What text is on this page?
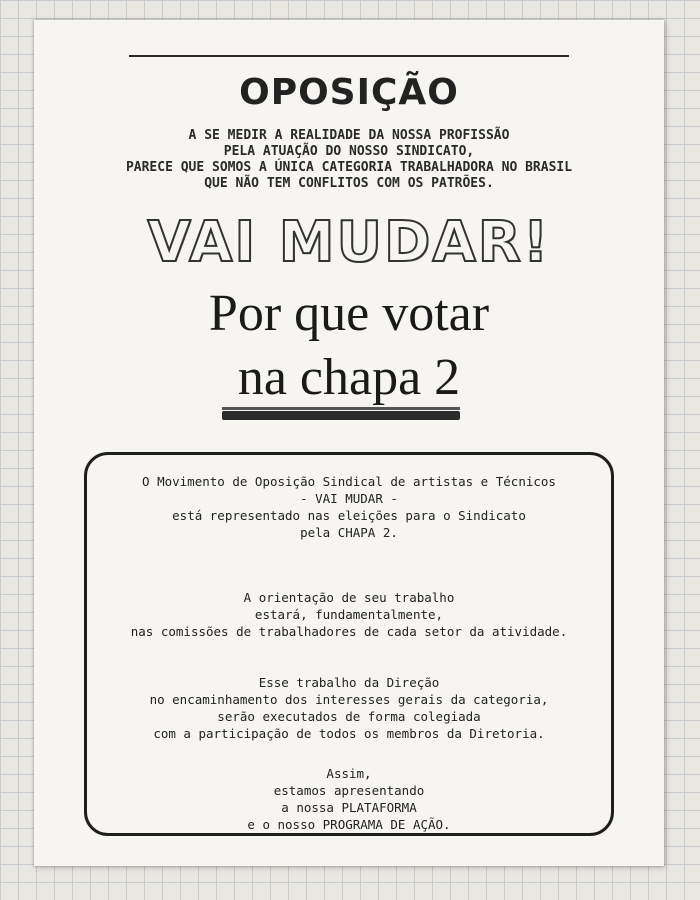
OPOSIÇÃO
A SE MEDIR A REALIDADE DA NOSSA PROFISSÃO
PELA ATUAÇÃO DO NOSSO SINDICATO,
PARECE QUE SOMOS A ÚNICA CATEGORIA TRABALHADORA NO BRASIL
QUE NÃO TEM CONFLITOS COM OS PATRÕES.
VAI MUDAR!
Por que votar
na chapa 2
O Movimento de Oposição Sindical de artistas e Técnicos
- VAI MUDAR -
está representado nas eleições para o Sindicato
pela CHAPA 2.
A orientação de seu trabalho
estará, fundamentalmente,
nas comissões de trabalhadores de cada setor da atividade.
Esse trabalho da Direção
no encaminhamento dos interesses gerais da categoria,
serão executados de forma colegiada
com a participação de todos os membros da Diretoria.
Assim,
estamos apresentando
a nossa PLATAFORMA
e o nosso PROGRAMA DE AÇÃO.
